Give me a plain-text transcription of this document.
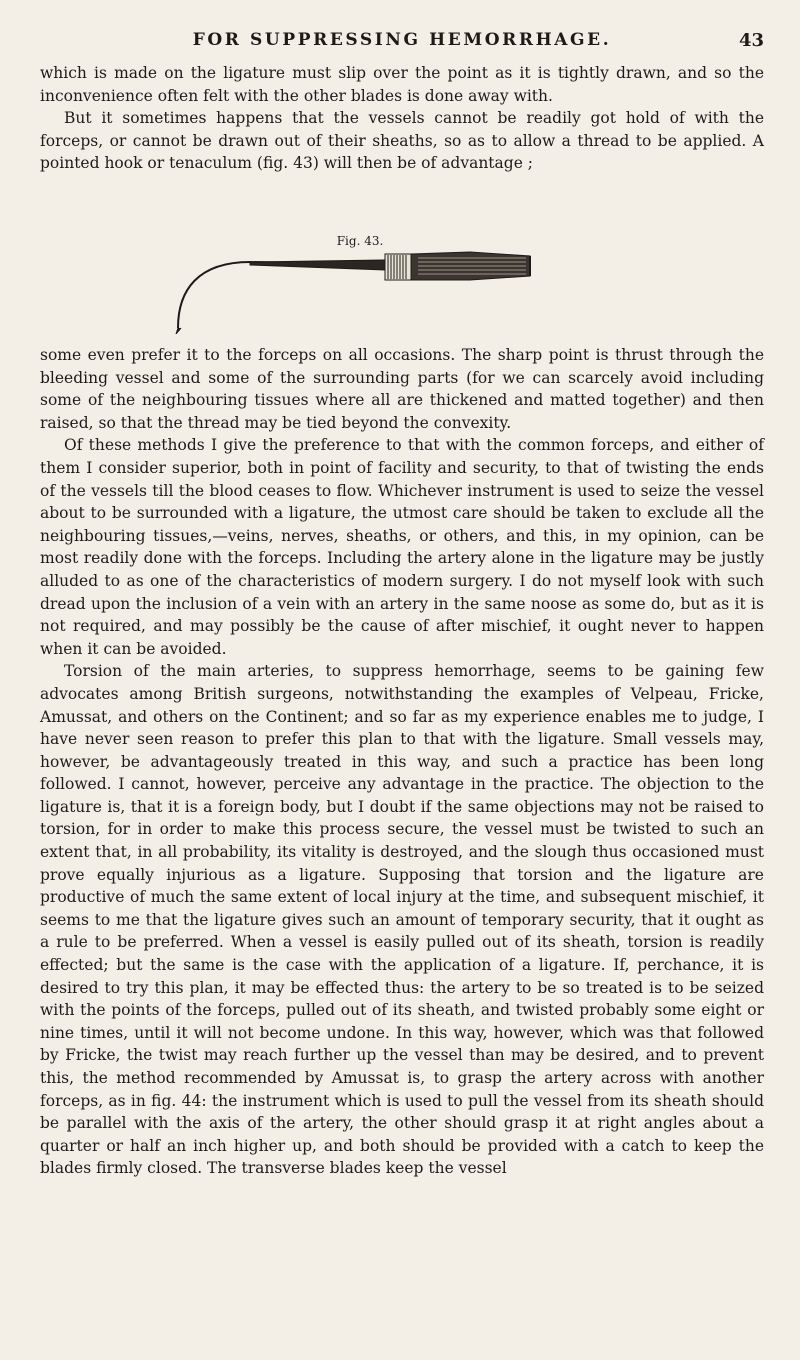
FOR SUPPRESSING HEMORRHAGE.	43

which is made on the ligature must slip over the point as it is tightly drawn, and so the inconvenience often felt with the other blades is done away with.

But it sometimes happens that the vessels cannot be readily got hold of with the forceps, or cannot be drawn out of their sheaths, so as to allow a thread to be applied. A pointed hook or tenaculum (fig. 43) will then be of advantage ;

Fig. 43.

some even prefer it to the forceps on all occasions. The sharp point is thrust through the bleeding vessel and some of the surrounding parts (for we can scarcely avoid including some of the neighbouring tissues where all are thickened and matted together) and then raised, so that the thread may be tied beyond the convexity.

Of these methods I give the preference to that with the common forceps, and either of them I consider superior, both in point of facility and security, to that of twisting the ends of the vessels till the blood ceases to flow. Whichever instrument is used to seize the vessel about to be surrounded with a ligature, the utmost care should be taken to exclude all the neighbouring tissues,—veins, nerves, sheaths, or others, and this, in my opinion, can be most readily done with the forceps. Including the artery alone in the ligature may be justly alluded to as one of the characteristics of modern surgery. I do not myself look with such dread upon the inclusion of a vein with an artery in the same noose as some do, but as it is not required, and may possibly be the cause of after mischief, it ought never to happen when it can be avoided.

Torsion of the main arteries, to suppress hemorrhage, seems to be gaining few advocates among British surgeons, notwithstanding the examples of Velpeau, Fricke, Amussat, and others on the Continent; and so far as my experience enables me to judge, I have never seen reason to prefer this plan to that with the ligature. Small vessels may, however, be advantageously treated in this way, and such a practice has been long followed. I cannot, however, perceive any advantage in the practice. The objection to the ligature is, that it is a foreign body, but I doubt if the same objections may not be raised to torsion, for in order to make this process secure, the vessel must be twisted to such an extent that, in all probability, its vitality is destroyed, and the slough thus occasioned must prove equally injurious as a ligature. Supposing that torsion and the ligature are productive of much the same extent of local injury at the time, and subsequent mischief, it seems to me that the ligature gives such an amount of temporary security, that it ought as a rule to be preferred. When a vessel is easily pulled out of its sheath, torsion is readily effected; but the same is the case with the application of a ligature. If, perchance, it is desired to try this plan, it may be effected thus: the artery to be so treated is to be seized with the points of the forceps, pulled out of its sheath, and twisted probably some eight or nine times, until it will not become undone. In this way, however, which was that followed by Fricke, the twist may reach further up the vessel than may be desired, and to prevent this, the method recommended by Amussat is, to grasp the artery across with another forceps, as in fig. 44: the instrument which is used to pull the vessel from its sheath should be parallel with the axis of the artery, the other should grasp it at right angles about a quarter or half an inch higher up, and both should be provided with a catch to keep the blades firmly closed. The transverse blades keep the vessel
